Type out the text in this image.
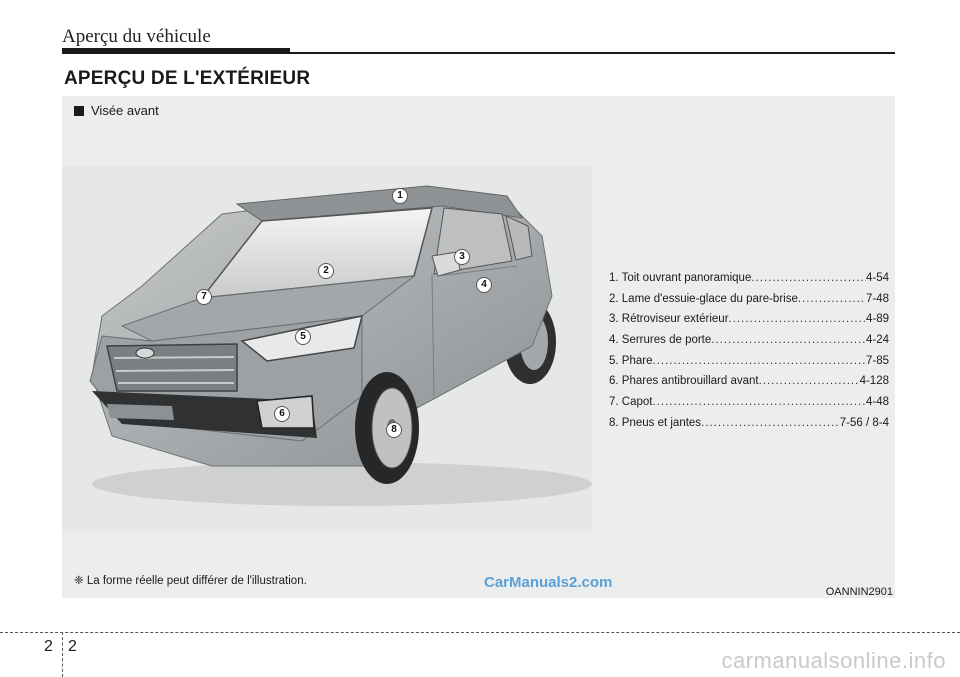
Aperçu du véhicule
APERÇU DE L'EXTÉRIEUR
Visée avant
1
2
3
4
5
6
7
8
1. Toit ouvrant panoramique .....	4-54
2. Lame d'essuie-glace du pare-brise .....	7-48
3. Rétroviseur extérieur .....	4-89
4. Serrures de porte .....	4-24
5. Phare .....	7-85
6. Phares antibrouillard avant .....	4-128
7. Capot .....	4-48
8. Pneus et jantes .....	7-56 / 8-4
❈ La forme réelle peut différer de l'illustration.	CarManuals2.com
OANNIN2901
2 2
carmanualsonline.info
